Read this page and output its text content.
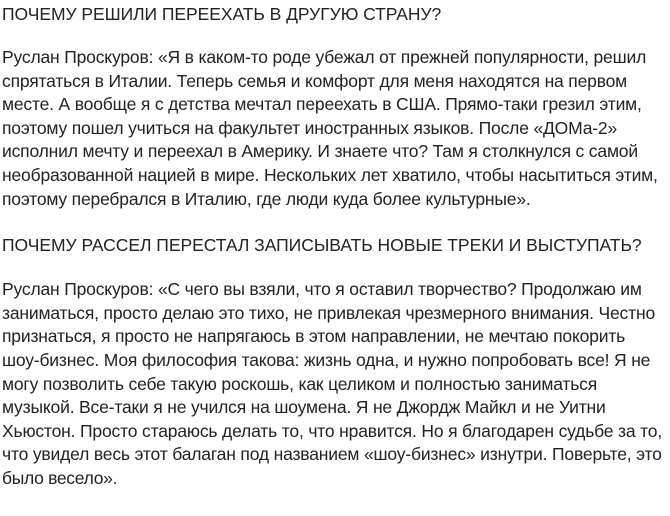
ПОЧЕМУ РЕШИЛИ ПЕРЕЕХАТЬ В ДРУГУЮ СТРАНУ?

Руслан Проскуров: «Я в каком-то роде убежал от прежней популярности, решил
спрятаться в Италии. Теперь семья и комфорт для меня находятся на первом
месте. А вообще я с детства мечтал переехать в США. Прямо-таки грезил этим,
поэтому пошел учиться на факультет иностранных языков. После «ДОМа-2»
исполнил мечту и переехал в Америку. И знаете что? Там я столкнулся с самой
необразованной нацией в мире. Нескольких лет хватило, чтобы насытиться этим,
поэтому перебрался в Италию, где люди куда более культурные».

ПОЧЕМУ РАССЕЛ ПЕРЕСТАЛ ЗАПИСЫВАТЬ НОВЫЕ ТРЕКИ И ВЫСТУПАТЬ?

Руслан Проскуров: «С чего вы взяли, что я оставил творчество? Продолжаю им
заниматься, просто делаю это тихо, не привлекая чрезмерного внимания. Честно
признаться, я просто не напрягаюсь в этом направлении, не мечтаю покорить
шоу-бизнес. Моя философия такова: жизнь одна, и нужно попробовать все! Я не
могу позволить себе такую роскошь, как целиком и полностью заниматься
музыкой. Все-таки я не учился на шоумена. Я не Джордж Майкл и не Уитни
Хьюстон. Просто стараюсь делать то, что нравится. Но я благодарен судьбе за то,
что увидел весь этот балаган под названием «шоу-бизнес» изнутри. Поверьте, это
было весело».
